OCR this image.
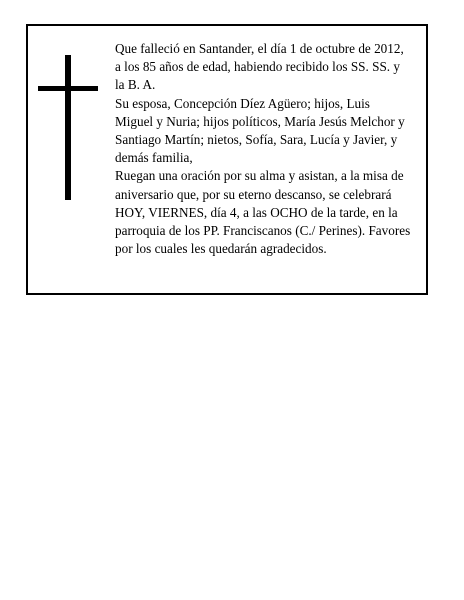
Que falleció en Santander, el día 1 de octubre de 2012,
a los 85 años de edad, habiendo recibido los SS. SS. y
la B. A.
Su esposa, Concepción Díez Agüero; hijos, Luis
Miguel y Nuria; hijos políticos, María Jesús Melchor y
Santiago Martín; nietos, Sofía, Sara, Lucía y Javier, y
demás familia,
Ruegan una oración por su alma y asistan, a la misa de
aniversario que, por su eterno descanso, se celebrará
HOY, VIERNES, día 4, a las OCHO de la tarde, en la
parroquia de los PP. Franciscanos (C./ Perines). Favores
por los cuales les quedarán agradecidos.
